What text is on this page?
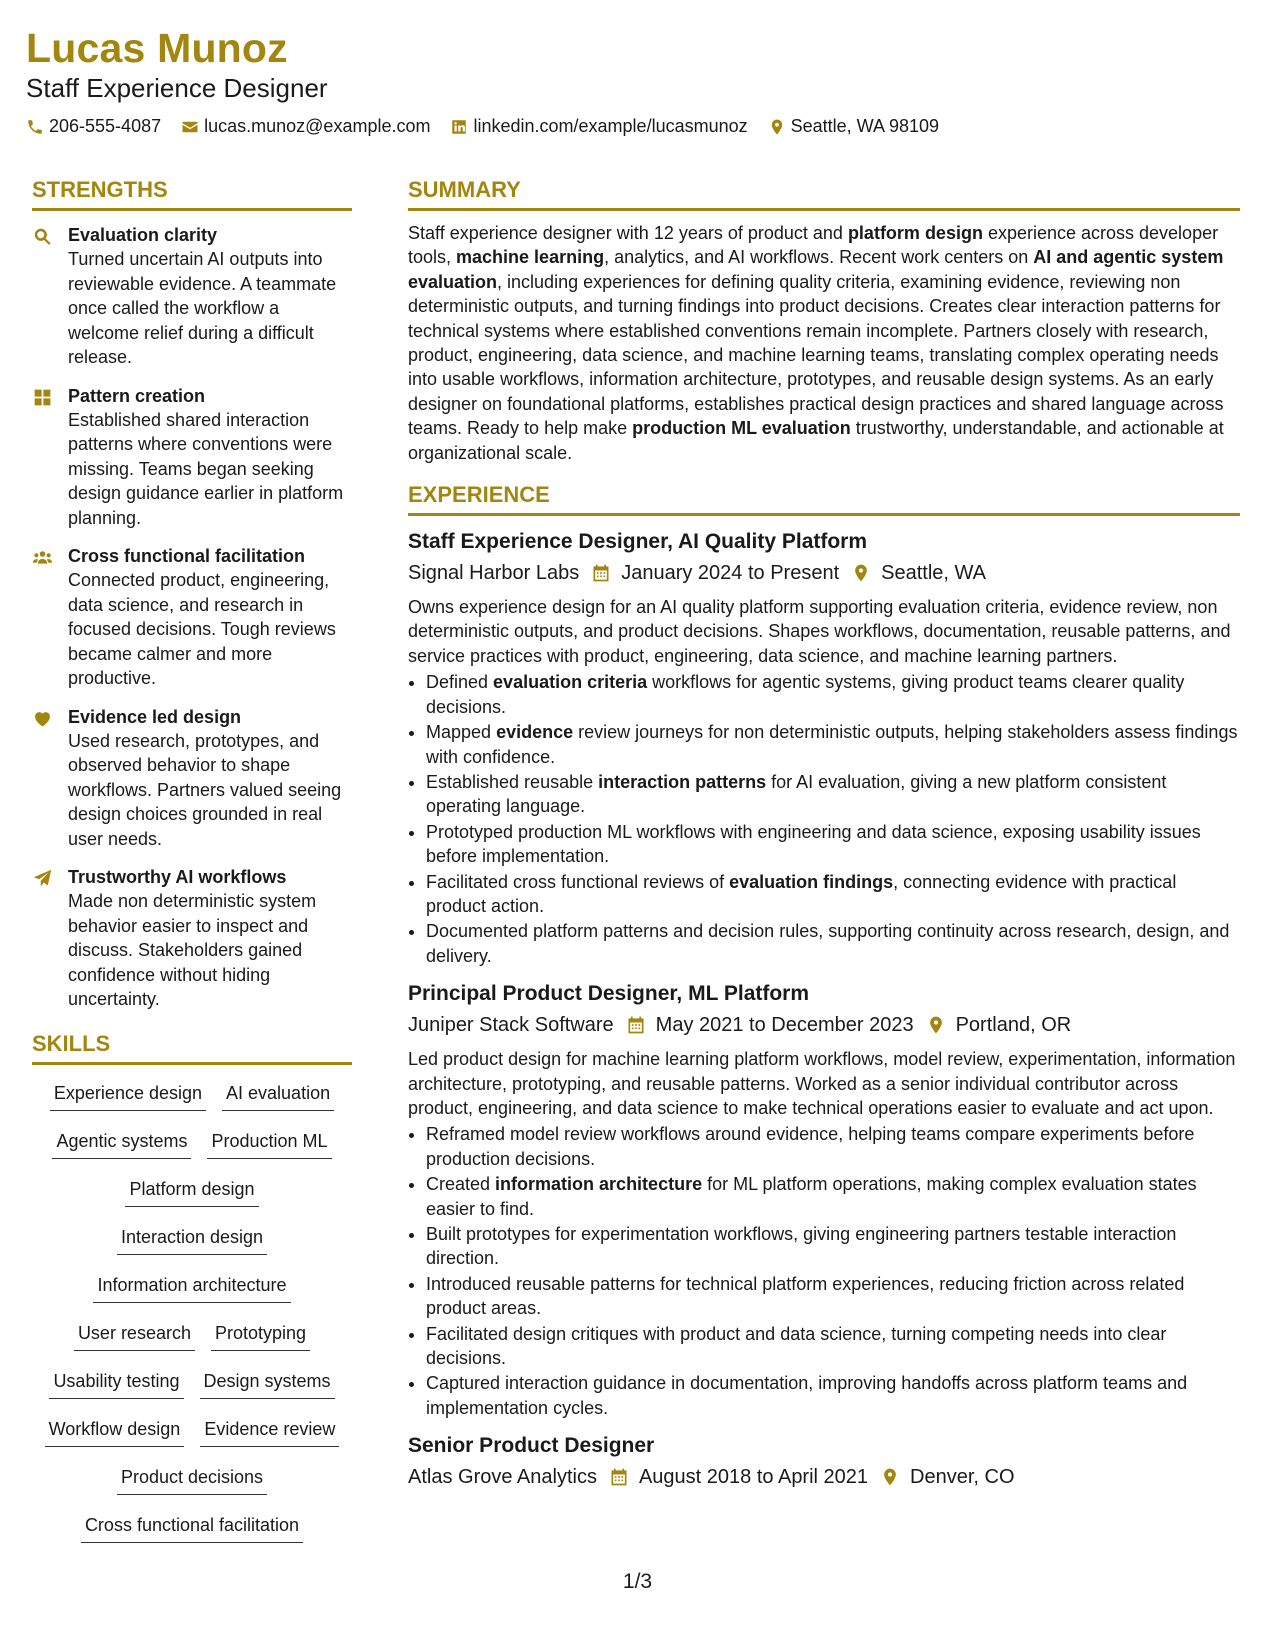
Lucas Munoz
Staff Experience Designer
206-555-4087 lucas.munoz@example.com linkedin.com/example/lucasmunoz Seattle, WA 98109
STRENGTHS
Evaluation clarity
Turned uncertain AI outputs into reviewable evidence. A teammate once called the workflow a welcome relief during a difficult release.
Pattern creation
Established shared interaction patterns where conventions were missing. Teams began seeking design guidance earlier in platform planning.
Cross functional facilitation
Connected product, engineering, data science, and research in focused decisions. Tough reviews became calmer and more productive.
Evidence led design
Used research, prototypes, and observed behavior to shape workflows. Partners valued seeing design choices grounded in real user needs.
Trustworthy AI workflows
Made non deterministic system behavior easier to inspect and discuss. Stakeholders gained confidence without hiding uncertainty.
SKILLS
Experience design AI evaluation
Agentic systems Production ML
Platform design
Interaction design
Information architecture
User research Prototyping
Usability testing Design systems
Workflow design Evidence review
Product decisions
Cross functional facilitation
SUMMARY
Staff experience designer with 12 years of product and platform design experience across developer tools, machine learning, analytics, and AI workflows. Recent work centers on AI and agentic system evaluation, including experiences for defining quality criteria, examining evidence, reviewing non deterministic outputs, and turning findings into product decisions. Creates clear interaction patterns for technical systems where established conventions remain incomplete. Partners closely with research, product, engineering, data science, and machine learning teams, translating complex operating needs into usable workflows, information architecture, prototypes, and reusable design systems. As an early designer on foundational platforms, establishes practical design practices and shared language across teams. Ready to help make production ML evaluation trustworthy, understandable, and actionable at organizational scale.
EXPERIENCE
Staff Experience Designer, AI Quality Platform
Signal Harbor Labs January 2024 to Present Seattle, WA
Owns experience design for an AI quality platform supporting evaluation criteria, evidence review, non deterministic outputs, and product decisions. Shapes workflows, documentation, reusable patterns, and service practices with product, engineering, data science, and machine learning partners.
• Defined evaluation criteria workflows for agentic systems, giving product teams clearer quality decisions.
• Mapped evidence review journeys for non deterministic outputs, helping stakeholders assess findings with confidence.
• Established reusable interaction patterns for AI evaluation, giving a new platform consistent operating language.
• Prototyped production ML workflows with engineering and data science, exposing usability issues before implementation.
• Facilitated cross functional reviews of evaluation findings, connecting evidence with practical product action.
• Documented platform patterns and decision rules, supporting continuity across research, design, and delivery.
Principal Product Designer, ML Platform
Juniper Stack Software May 2021 to December 2023 Portland, OR
Led product design for machine learning platform workflows, model review, experimentation, information architecture, prototyping, and reusable patterns. Worked as a senior individual contributor across product, engineering, and data science to make technical operations easier to evaluate and act upon.
• Reframed model review workflows around evidence, helping teams compare experiments before production decisions.
• Created information architecture for ML platform operations, making complex evaluation states easier to find.
• Built prototypes for experimentation workflows, giving engineering partners testable interaction direction.
• Introduced reusable patterns for technical platform experiences, reducing friction across related product areas.
• Facilitated design critiques with product and data science, turning competing needs into clear decisions.
• Captured interaction guidance in documentation, improving handoffs across platform teams and implementation cycles.
Senior Product Designer
Atlas Grove Analytics August 2018 to April 2021 Denver, CO
1/3
